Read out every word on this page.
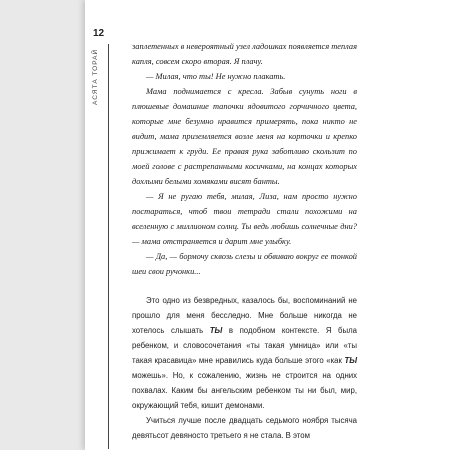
12
АСЯТА ТОРАЙ

заплетенных в невероятный узел ладошках появляется теплая капля, совсем скоро вторая. Я плачу.

— Милая, что ты! Не нужно плакать.

Мама поднимается с кресла. Забыв сунуть ноги в плюшевые домашние тапочки ядовитого горчичного цвета, которые мне безумно нравится примерять, пока никто не видит, мама приземляется возле меня на корточки и крепко прижимает к груди. Ее правая рука заботливо скользит по моей голове с растрепанными косичками, на концах которых дохлыми белыми хомяками висят банты.

— Я не ругаю тебя, милая, Лиза, нам просто нужно постараться, чтоб твои тетради стали похожими на вселенную с миллионом солнц. Ты ведь любишь солнечные дни? — мама отстраняется и дарит мне улыбку.

— Да, — бормочу сквозь слезы и обвиваю вокруг ее тонкой шеи свои ручонки...

Это одно из безвредных, казалось бы, воспоминаний не прошло для меня бесследно. Мне больше никогда не хотелось слышать ТЫ в подобном контексте. Я была ребенком, и словосочетания «ты такая умница» или «ты такая красавица» мне нравились куда больше этого «как ТЫ можешь». Но, к сожалению, жизнь не строится на одних похвалах. Каким бы ангельским ребенком ты ни был, мир, окружающий тебя, кишит демонами.

Учиться лучше после двадцать седьмого ноября тысяча девятьсот девяносто третьего я не стала. В этом
